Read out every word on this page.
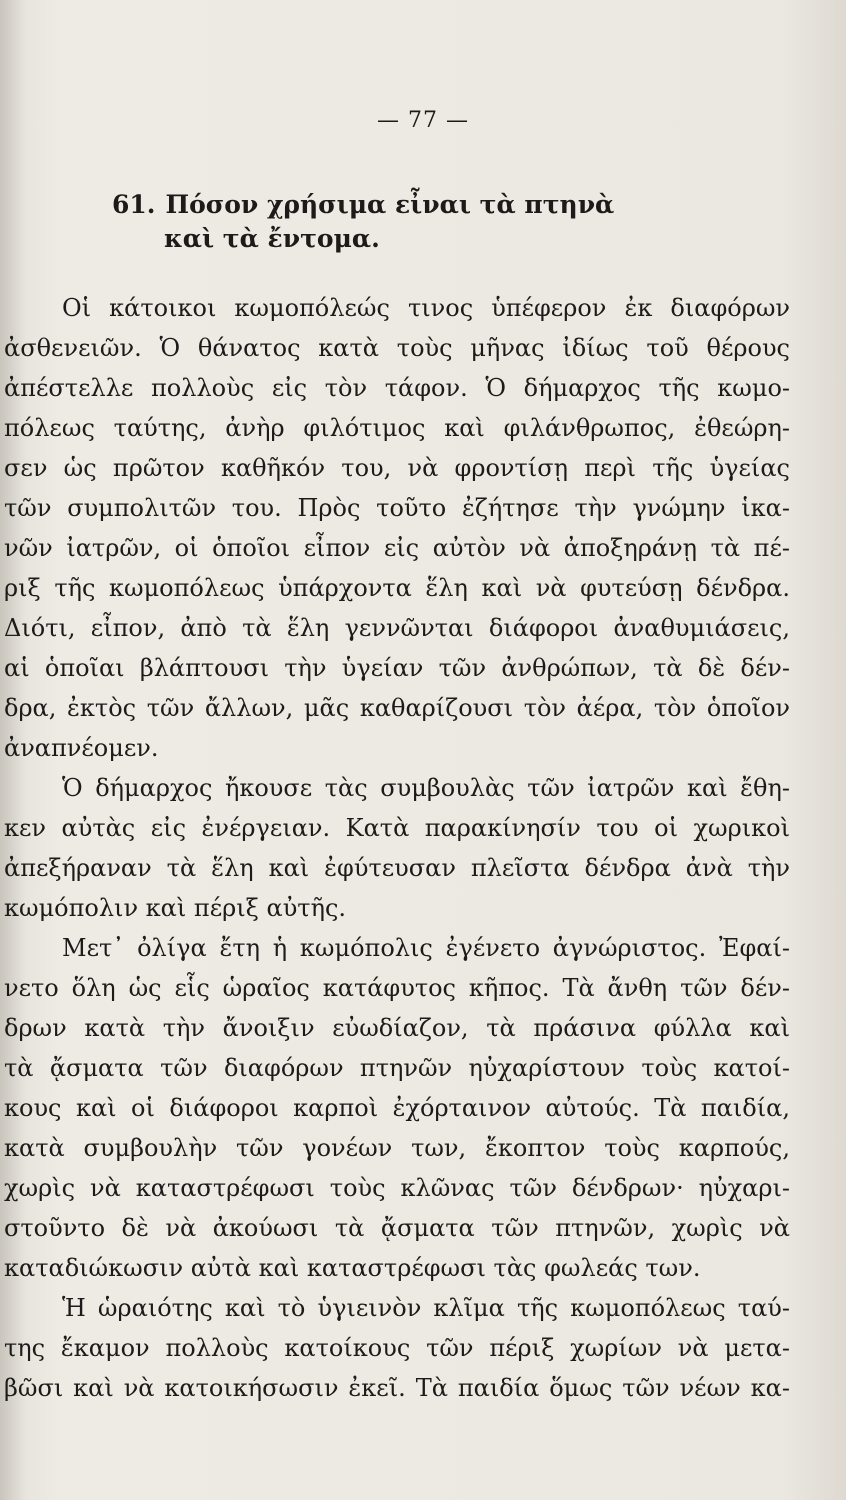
— 77 —
61. Πόσον χρήσιμα εἶναι τὰ πτηνὰ
καὶ τὰ ἔντομα.
Οἱ κάτοικοι κωμοπόλεώς τινος ὑπέφερον ἐκ διαφόρων
ἀσθενειῶν. Ὁ θάνατος κατὰ τοὺς μῆνας ἰδίως τοῦ θέρους
ἀπέστελλε πολλοὺς εἰς τὸν τάφον. Ὁ δήμαρχος τῆς κωμο-
πόλεως ταύτης, ἀνὴρ φιλότιμος καὶ φιλάνθρωπος, ἐθεώρη-
σεν ὡς πρῶτον καθῆκόν του, νὰ φροντίσῃ περὶ τῆς ὑγείας
τῶν συμπολιτῶν του. Πρὸς τοῦτο ἐζήτησε τὴν γνώμην ἱκα-
νῶν ἰατρῶν, οἱ ὁποῖοι εἶπον εἰς αὐτὸν νὰ ἀποξηράνῃ τὰ πέ-
ριξ τῆς κωμοπόλεως ὑπάρχοντα ἕλη καὶ νὰ φυτεύσῃ δένδρα.
Διότι, εἶπον, ἀπὸ τὰ ἕλη γεννῶνται διάφοροι ἀναθυμιάσεις,
αἱ ὁποῖαι βλάπτουσι τὴν ὑγείαν τῶν ἀνθρώπων, τὰ δὲ δέν-
δρα, ἐκτὸς τῶν ἄλλων, μᾶς καθαρίζουσι τὸν ἀέρα, τὸν ὁποῖον
ἀναπνέομεν.
Ὁ δήμαρχος ἤκουσε τὰς συμβουλὰς τῶν ἰατρῶν καὶ ἔθη-
κεν αὐτὰς εἰς ἐνέργειαν. Κατὰ παρακίνησίν του οἱ χωρικοὶ
ἀπεξήραναν τὰ ἕλη καὶ ἐφύτευσαν πλεῖστα δένδρα ἀνὰ τὴν
κωμόπολιν καὶ πέριξ αὐτῆς.
Μετ᾽ ὀλίγα ἔτη ἡ κωμόπολις ἐγένετο ἀγνώριστος. Ἐφαί-
νετο ὅλη ὡς εἷς ὡραῖος κατάφυτος κῆπος. Τὰ ἄνθη τῶν δέν-
δρων κατὰ τὴν ἄνοιξιν εὐωδίαζον, τὰ πράσινα φύλλα καὶ
τὰ ᾄσματα τῶν διαφόρων πτηνῶν ηὐχαρίστουν τοὺς κατοί-
κους καὶ οἱ διάφοροι καρποὶ ἐχόρταινον αὐτούς. Τὰ παιδία,
κατὰ συμβουλὴν τῶν γονέων των, ἔκοπτον τοὺς καρπούς,
χωρὶς νὰ καταστρέφωσι τοὺς κλῶνας τῶν δένδρων· ηὐχαρι-
στοῦντο δὲ νὰ ἀκούωσι τὰ ᾄσματα τῶν πτηνῶν, χωρὶς νὰ
καταδιώκωσιν αὐτὰ καὶ καταστρέφωσι τὰς φωλεάς των.
Ἡ ὡραιότης καὶ τὸ ὑγιεινὸν κλῖμα τῆς κωμοπόλεως ταύ-
της ἔκαμον πολλοὺς κατοίκους τῶν πέριξ χωρίων νὰ μετα-
βῶσι καὶ νὰ κατοικήσωσιν ἐκεῖ. Τὰ παιδία ὅμως τῶν νέων κα-
